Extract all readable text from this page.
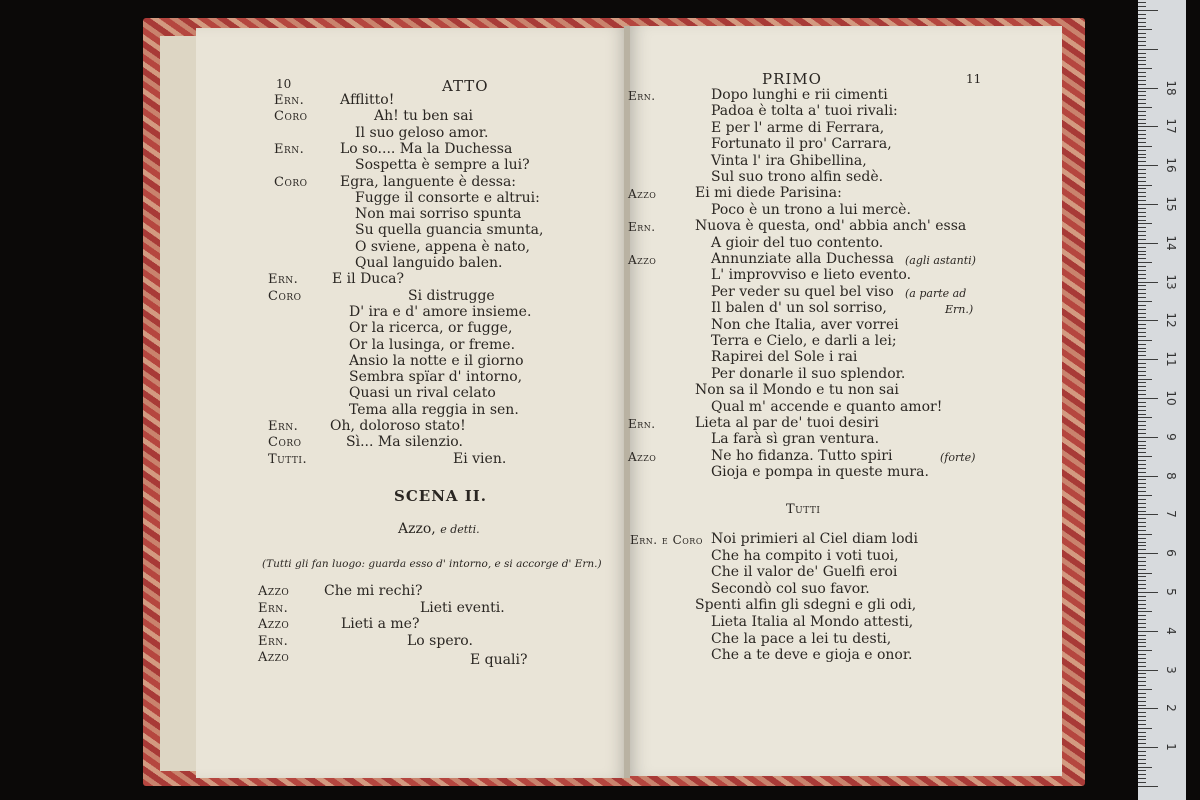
1
2
3
4
5
6
7
8
9
10
11
12
13
14
15
16
17
18
10	ATTO
Ern.	Afflitto!
Coro	Ah! tu ben sai
Il suo geloso amor.
Ern.	Lo so.... Ma la Duchessa
Sospetta è sempre a lui?
Coro Egra, languente è dessa:
Fugge il consorte e altrui:
Non mai sorriso spunta
Su quella guancia smunta,
O sviene, appena è nato,
Qual languido balen.
Ern. E il Duca?
Coro	Si distrugge
D' ira e d' amore insieme.
Or la ricerca, or fugge,
Or la lusinga, or freme.
Ansio la notte e il giorno
Sembra spïar d' intorno,
Quasi un rival celato
Tema alla reggia in sen.
Ern. Oh, doloroso stato!
Coro	Sì... Ma silenzio.
Tutti.	Ei vien.
SCENA II.
Azzo, e detti.
(Tutti gli fan luogo: guarda esso d' intorno, e si accorge d' Ern.)
Azzo Che mi rechi?
Ern.	Lieti eventi.
Azzo	Lieti a me?
Ern.	Lo spero.
Azzo	E quali?
PRIMO	11
Ern.	Dopo lunghi e rii cimenti
Padoa è tolta a' tuoi rivali:
E per l' arme di Ferrara,
Fortunato il pro' Carrara,
Vinta l' ira Ghibellina,
Sul suo trono alfin sedè.
Azzo	Ei mi diede Parisina:
Poco è un trono a lui mercè.
Ern.	Nuova è questa, ond' abbia anch' essa
A gioir del tuo contento.
Azzo	Annunziate alla Duchessa (agli astanti)
L' improvviso e lieto evento.
Per veder su quel bel viso (a parte ad
Il balen d' un sol sorriso,	Ern.)
Non che Italia, aver vorrei
Terra e Cielo, e darli a lei;
Rapirei del Sole i rai
Per donarle il suo splendor.
Non sa il Mondo e tu non sai
Qual m' accende e quanto amor!
Ern.	Lieta al par de' tuoi desiri
La farà sì gran ventura.
Azzo	Ne ho fidanza. Tutto spiri	(forte)
Gioja e pompa in queste mura.
Tutti
Ern. e Coro Noi primieri al Ciel diam lodi
Che ha compito i voti tuoi,
Che il valor de' Guelfi eroi
Secondò col suo favor.
Spenti alfin gli sdegni e gli odi,
Lieta Italia al Mondo attesti,
Che la pace a lei tu desti,
Che a te deve e gioja e onor.
